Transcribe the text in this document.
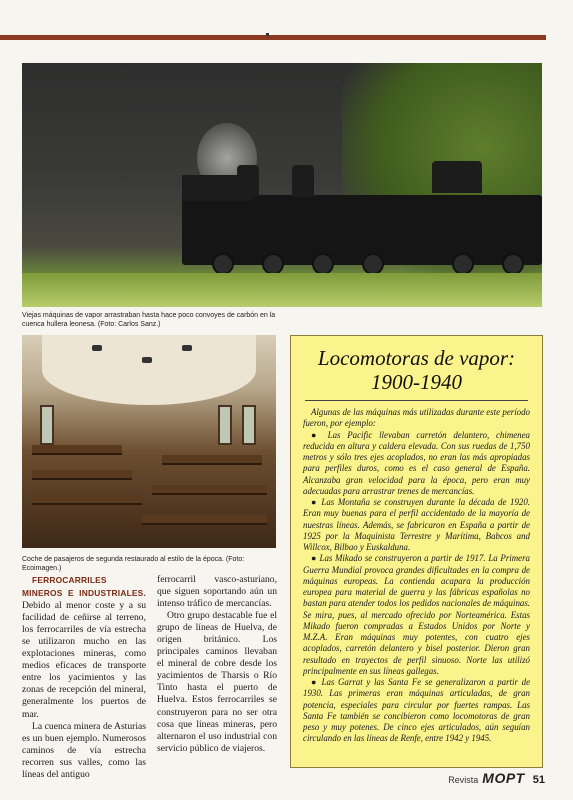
Viejas máquinas de vapor arrastraban hasta hace poco convoyes de carbón en la cuenca hullera leonesa. (Foto: Carlos Sanz.)
Coche de pasajeros de segunda restaurado al estilo de la época. (Foto: Ecoimagen.)

FERROCARRILES MINEROS E INDUSTRIALES. Debido al menor coste y a su facilidad de ceñirse al terreno, los ferrocarriles de vía estrecha se utilizaron mucho en las explotaciones mineras, como medios eficaces de transporte entre los yacimientos y las zonas de recepción del mineral, generalmente los puertos de mar.

La cuenca minera de Asturias es un buen ejemplo. Numerosos caminos de vía estrecha recorren sus valles, como las líneas del antiguo

ferrocarril vasco-asturiano, que siguen soportando aún un intenso tráfico de mercancías.

Otro grupo destacable fue el grupo de líneas de Huelva, de origen británico. Los principales caminos llevaban el mineral de cobre desde los yacimientos de Tharsis o Río Tinto hasta el puerto de Huelva. Estos ferrocarriles se construyeron para no ser otra cosa que líneas mineras, pero alternaron el uso industrial con servicio público de viajeros.

Locomotoras de vapor:
1900-1940

Algunas de las máquinas más utilizadas durante este período fueron, por ejemplo:

● Las Pacific llevaban carretón delantero, chimenea reducida en altura y caldera elevada. Con sus ruedas de 1,750 metros y sólo tres ejes acoplados, no eran las más apropiadas para perfiles duros, como es el caso general de España. Alcanzaba gran velocidad para la época, pero eran muy adecuadas para arrastrar trenes de mercancías.

● Las Montaña se construyen durante la década de 1920. Eran muy buenas para el perfil accidentado de la mayoría de nuestras líneas. Además, se fabricaron en España a partir de 1925 por la Maquinista Terrestre y Marítima, Babcos and Willcox, Bilbao y Euskalduna.

● Las Mikado se construyeron a partir de 1917. La Primera Guerra Mundial provoca grandes dificultades en la compra de máquinas europeas. La contienda acapara la producción europea para material de guerra y las fábricas españolas no bastan para atender todos los pedidos nacionales de máquinas. Se mira, pues, al mercado ofrecido por Norteamérica. Estas Mikado fueron compradas a Estados Unidos por Norte y M.Z.A. Eran máquinas muy potentes, con cuatro ejes acoplados, carretón delantero y bisel posterior. Dieron gran resultado en trayectos de perfil sinuoso. Norte las utilizó principalmente en sus líneas gallegas.

● Las Garrat y las Santa Fe se generalizaron a partir de 1930. Las primeras eran máquinas articuladas, de gran potencia, especiales para circular por fuertes rampas. Las Santa Fe también se concibieron como locomotoras de gran peso y muy potenes. De cinco ejes articulados, aún seguían circulando en las líneas de Renfe, entre 1942 y 1945.

Revista MOPT 51
